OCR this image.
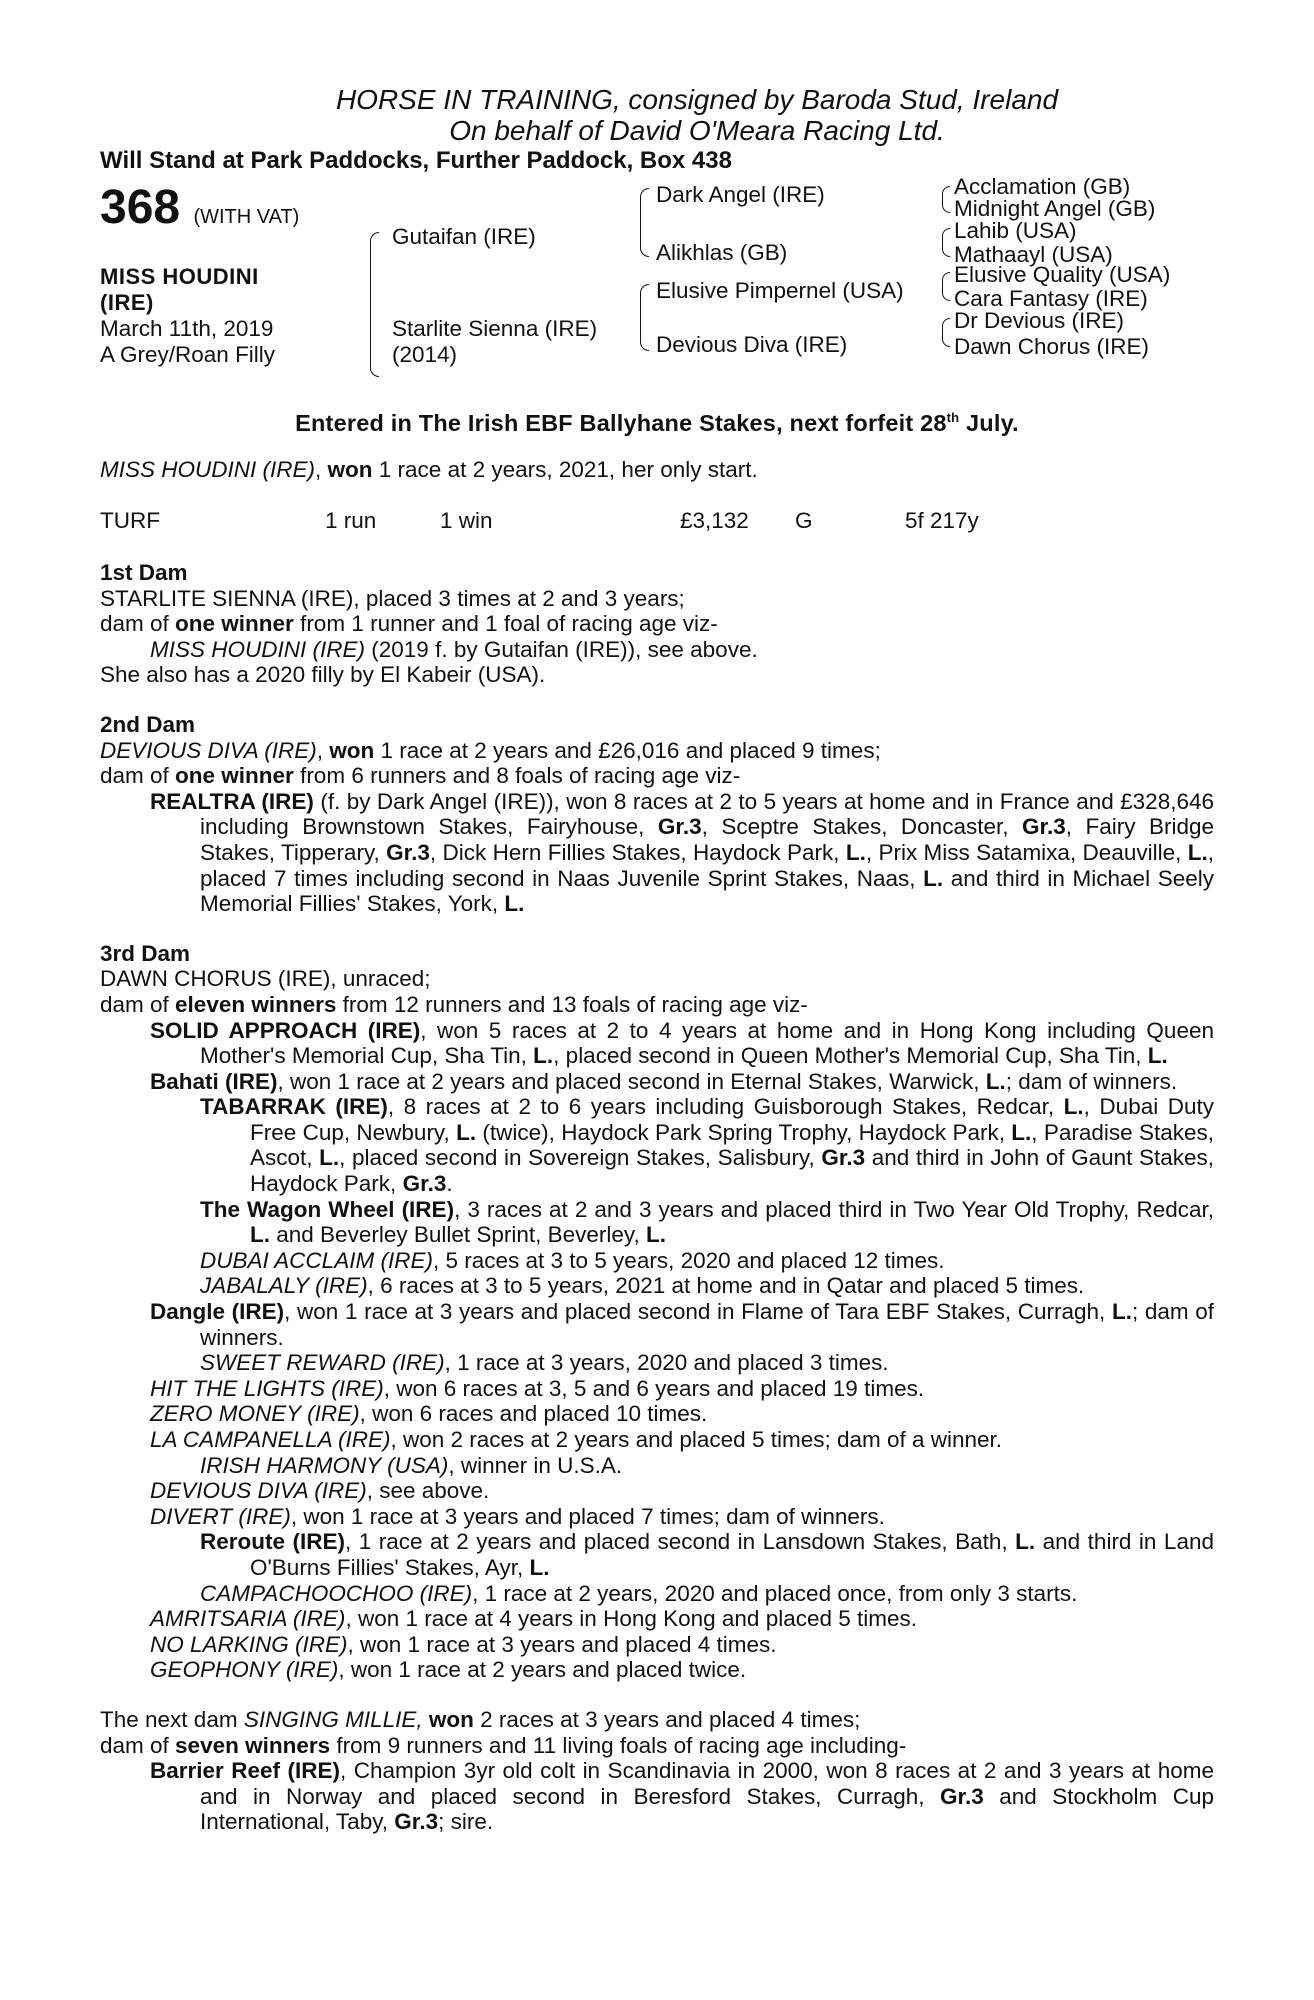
HORSE IN TRAINING, consigned by Baroda Stud, Ireland
On behalf of David O'Meara Racing Ltd.
Will Stand at Park Paddocks, Further Paddock, Box 438
368 (WITH VAT)
MISS HOUDINI
(IRE)
March 11th, 2019
A Grey/Roan Filly
Gutaifan (IRE)
Starlite Sienna (IRE)
(2014)
Dark Angel (IRE)
Alikhlas (GB)
Elusive Pimpernel (USA)
Devious Diva (IRE)
Acclamation (GB)
Midnight Angel (GB)
Lahib (USA)
Mathaayl (USA)
Elusive Quality (USA)
Cara Fantasy (IRE)
Dr Devious (IRE)
Dawn Chorus (IRE)

Entered in The Irish EBF Ballyhane Stakes, next forfeit 28th July.

MISS HOUDINI (IRE), won 1 race at 2 years, 2021, her only start.

TURF	1 run	1 win	£3,132	G	5f 217y

1st Dam

STARLITE SIENNA (IRE), placed 3 times at 2 and 3 years;

dam of one winner from 1 runner and 1 foal of racing age viz-

MISS HOUDINI (IRE) (2019 f. by Gutaifan (IRE)), see above.

She also has a 2020 filly by El Kabeir (USA).

2nd Dam

DEVIOUS DIVA (IRE), won 1 race at 2 years and £26,016 and placed 9 times;

dam of one winner from 6 runners and 8 foals of racing age viz-

REALTRA (IRE) (f. by Dark Angel (IRE)), won 8 races at 2 to 5 years at home and in France and £328,646 including Brownstown Stakes, Fairyhouse, Gr.3, Sceptre Stakes, Doncaster, Gr.3, Fairy Bridge Stakes, Tipperary, Gr.3, Dick Hern Fillies Stakes, Haydock Park, L., Prix Miss Satamixa, Deauville, L., placed 7 times including second in Naas Juvenile Sprint Stakes, Naas, L. and third in Michael Seely Memorial Fillies' Stakes, York, L.

3rd Dam

DAWN CHORUS (IRE), unraced;

dam of eleven winners from 12 runners and 13 foals of racing age viz-

SOLID APPROACH (IRE), won 5 races at 2 to 4 years at home and in Hong Kong including Queen Mother's Memorial Cup, Sha Tin, L., placed second in Queen Mother's Memorial Cup, Sha Tin, L.

Bahati (IRE), won 1 race at 2 years and placed second in Eternal Stakes, Warwick, L.; dam of winners.

TABARRAK (IRE), 8 races at 2 to 6 years including Guisborough Stakes, Redcar, L., Dubai Duty Free Cup, Newbury, L. (twice), Haydock Park Spring Trophy, Haydock Park, L., Paradise Stakes, Ascot, L., placed second in Sovereign Stakes, Salisbury, Gr.3 and third in John of Gaunt Stakes, Haydock Park, Gr.3.

The Wagon Wheel (IRE), 3 races at 2 and 3 years and placed third in Two Year Old Trophy, Redcar, L. and Beverley Bullet Sprint, Beverley, L.

DUBAI ACCLAIM (IRE), 5 races at 3 to 5 years, 2020 and placed 12 times.

JABALALY (IRE), 6 races at 3 to 5 years, 2021 at home and in Qatar and placed 5 times.

Dangle (IRE), won 1 race at 3 years and placed second in Flame of Tara EBF Stakes, Curragh, L.; dam of winners.

SWEET REWARD (IRE), 1 race at 3 years, 2020 and placed 3 times.

HIT THE LIGHTS (IRE), won 6 races at 3, 5 and 6 years and placed 19 times.

ZERO MONEY (IRE), won 6 races and placed 10 times.

LA CAMPANELLA (IRE), won 2 races at 2 years and placed 5 times; dam of a winner.

IRISH HARMONY (USA), winner in U.S.A.

DEVIOUS DIVA (IRE), see above.

DIVERT (IRE), won 1 race at 3 years and placed 7 times; dam of winners.

Reroute (IRE), 1 race at 2 years and placed second in Lansdown Stakes, Bath, L. and third in Land O'Burns Fillies' Stakes, Ayr, L.

CAMPACHOOCHOO (IRE), 1 race at 2 years, 2020 and placed once, from only 3 starts.

AMRITSARIA (IRE), won 1 race at 4 years in Hong Kong and placed 5 times.

NO LARKING (IRE), won 1 race at 3 years and placed 4 times.

GEOPHONY (IRE), won 1 race at 2 years and placed twice.

The next dam SINGING MILLIE, won 2 races at 3 years and placed 4 times;

dam of seven winners from 9 runners and 11 living foals of racing age including-

Barrier Reef (IRE), Champion 3yr old colt in Scandinavia in 2000, won 8 races at 2 and 3 years at home and in Norway and placed second in Beresford Stakes, Curragh, Gr.3 and Stockholm Cup International, Taby, Gr.3; sire.
